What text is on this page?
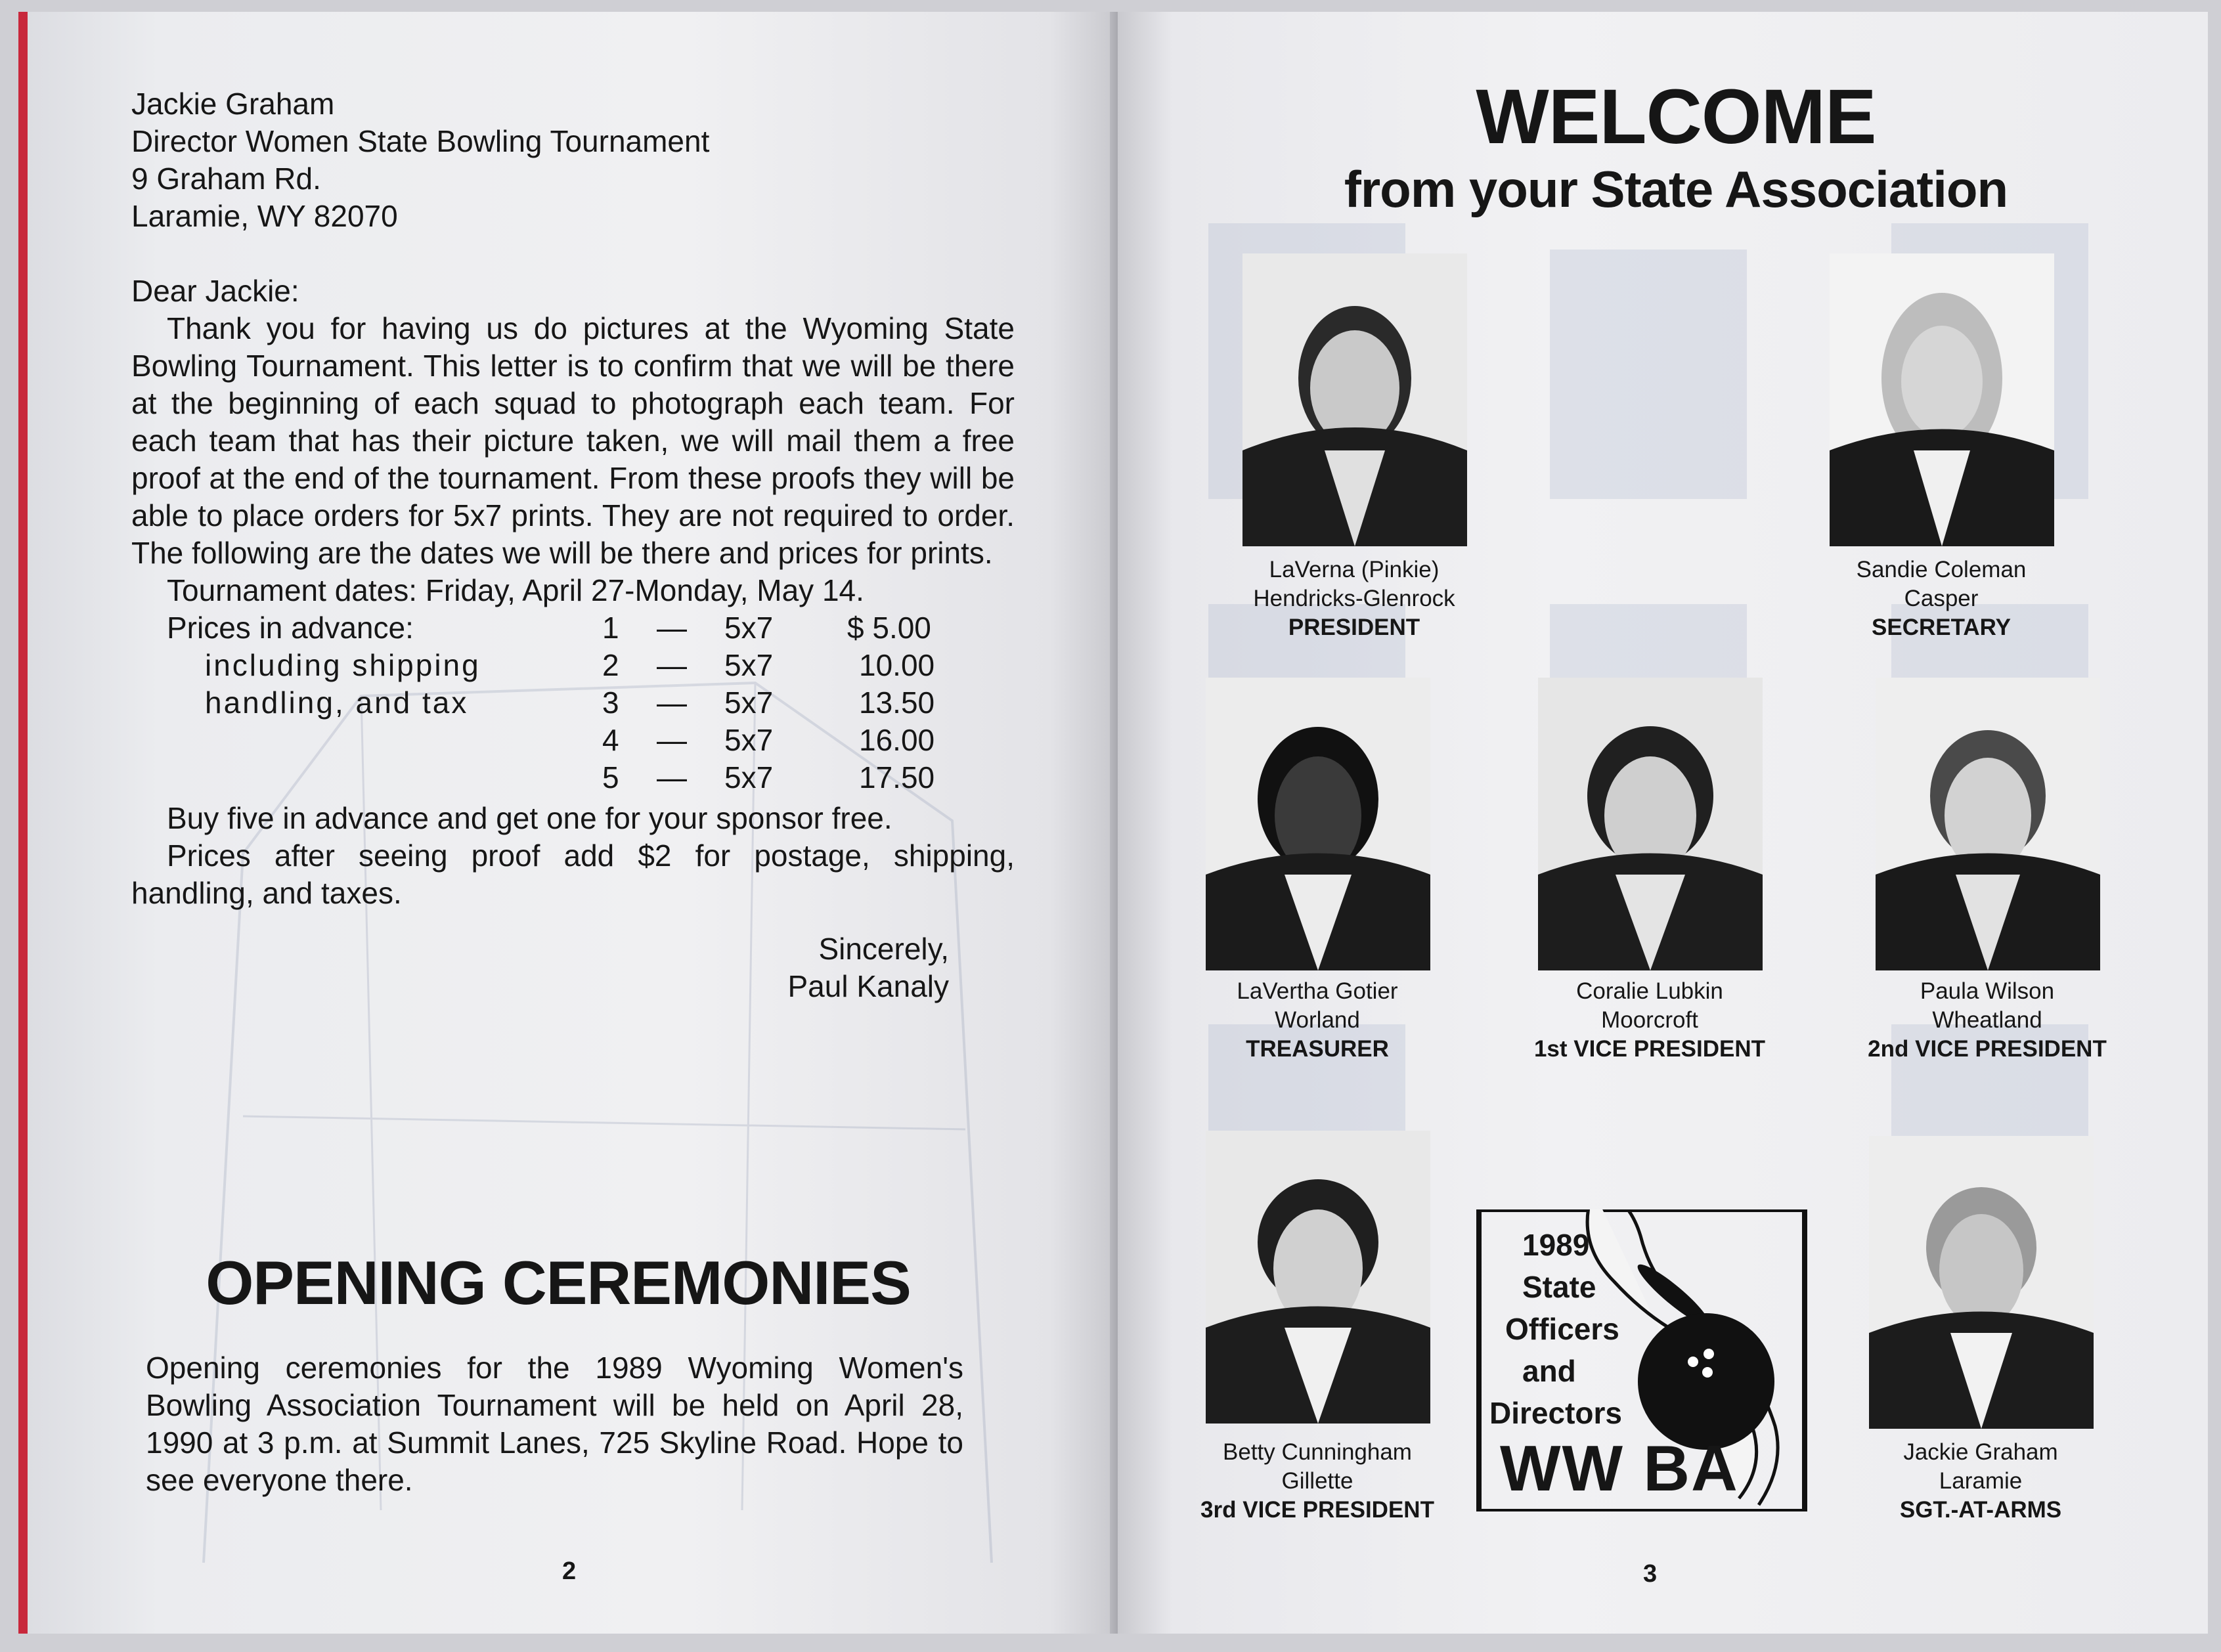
Jackie Graham
Director Women State Bowling Tournament
9 Graham Rd.
Laramie, WY 82070
Dear Jackie:

Thank you for having us do pictures at the Wyoming State Bowling Tournament. This letter is to confirm that we will be there at the beginning of each squad to photograph each team. For each team that has their picture taken, we will mail them a free proof at the end of the tournament. From these proofs they will be able to place orders for 5x7 prints. They are not required to order. The following are the dates we will be there and prices for prints.

Tournament dates: Friday, April 27-Monday, May 14.

Prices in advance:
including shipping
handling, and tax
1 — 5x7 $ 5.00
2 — 5x7	10.00
3 — 5x7	13.50
4 — 5x7	16.00
5 — 5x7	17.50

Buy five in advance and get one for your sponsor free.

Prices after seeing proof add $2 for postage, shipping, handling, and taxes.

Sincerely,
Paul Kanaly
OPENING CEREMONIES
Opening ceremonies for the 1989 Wyoming Women's Bowling Association Tournament will be held on April 28, 1990 at 3 p.m. at Summit Lanes, 725 Skyline Road. Hope to see everyone there.
2
WELCOME
from your State Association
LaVerna (Pinkie)
Hendricks-Glenrock
PRESIDENT
Sandie Coleman
Casper
SECRETARY
LaVertha Gotier
Worland
TREASURER
Coralie Lubkin
Moorcroft
1st VICE PRESIDENT
Paula Wilson
Wheatland
2nd VICE PRESIDENT
Betty Cunningham
Gillette
3rd VICE PRESIDENT
Jackie Graham
Laramie
SGT.-AT-ARMS
1989
State
Officers
and
Directors
WW BA
3
